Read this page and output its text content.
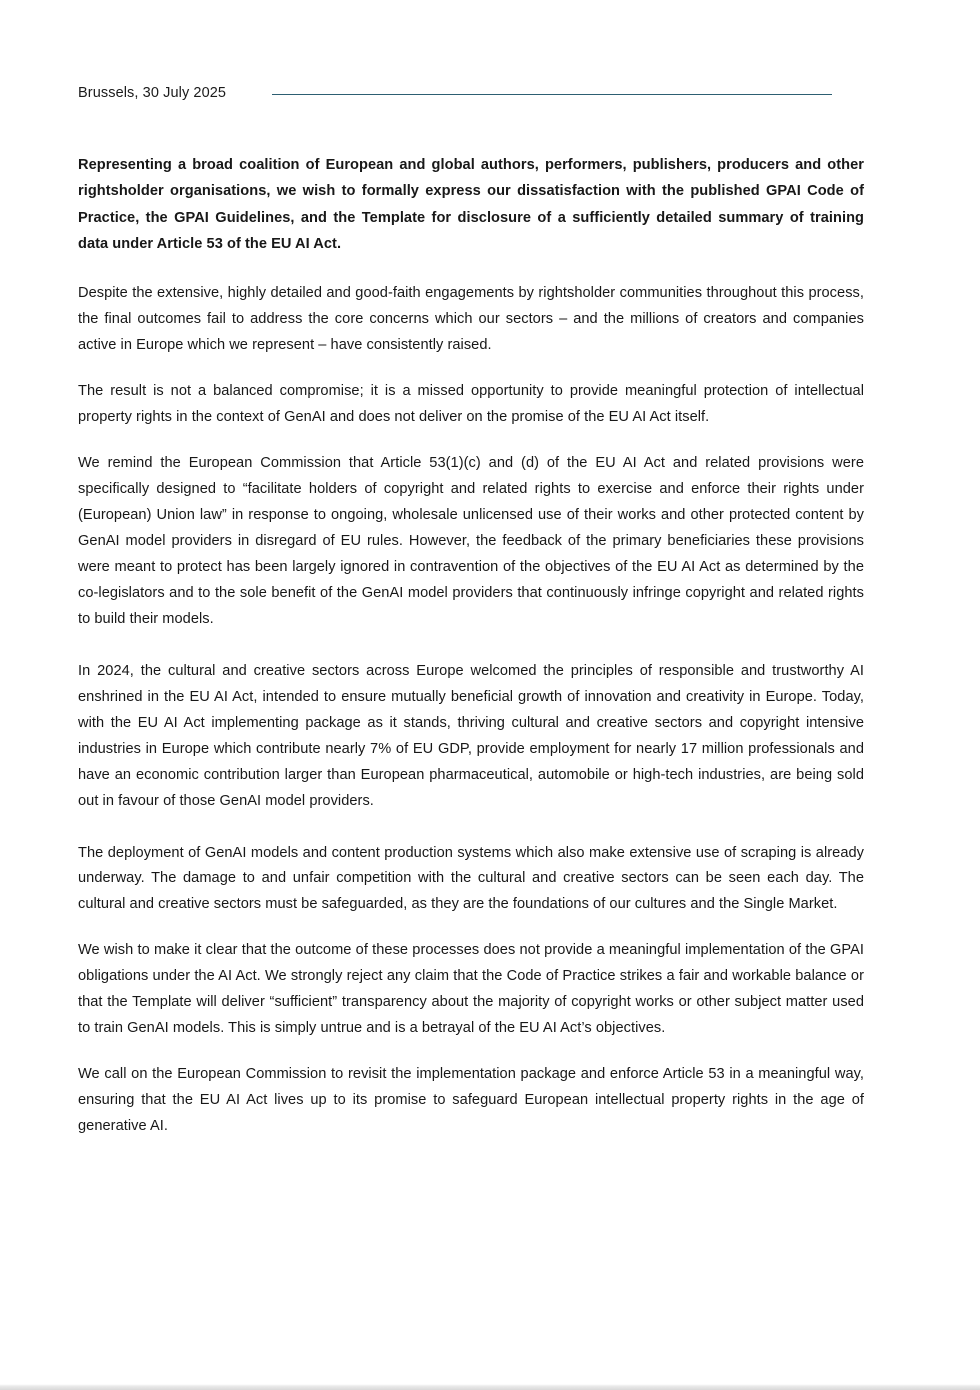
Brussels, 30 July 2025

Representing a broad coalition of European and global authors, performers, publishers, producers and other rightsholder organisations, we wish to formally express our dissatisfaction with the published GPAI Code of Practice, the GPAI Guidelines, and the Template for disclosure of a sufficiently detailed summary of training data under Article 53 of the EU AI Act.

Despite the extensive, highly detailed and good-faith engagements by rightsholder communities throughout this process, the final outcomes fail to address the core concerns which our sectors – and the millions of creators and companies active in Europe which we represent – have consistently raised.

The result is not a balanced compromise; it is a missed opportunity to provide meaningful protection of intellectual property rights in the context of GenAI and does not deliver on the promise of the EU AI Act itself.

We remind the European Commission that Article 53(1)(c) and (d) of the EU AI Act and related provisions were specifically designed to “facilitate holders of copyright and related rights to exercise and enforce their rights under (European) Union law” in response to ongoing, wholesale unlicensed use of their works and other protected content by GenAI model providers in disregard of EU rules. However, the feedback of the primary beneficiaries these provisions were meant to protect has been largely ignored in contravention of the objectives of the EU AI Act as determined by the co-legislators and to the sole benefit of the GenAI model providers that continuously infringe copyright and related rights to build their models.

In 2024, the cultural and creative sectors across Europe welcomed the principles of responsible and trustworthy AI enshrined in the EU AI Act, intended to ensure mutually beneficial growth of innovation and creativity in Europe. Today, with the EU AI Act implementing package as it stands, thriving cultural and creative sectors and copyright intensive industries in Europe which contribute nearly 7% of EU GDP, provide employment for nearly 17 million professionals and have an economic contribution larger than European pharmaceutical, automobile or high-tech industries, are being sold out in favour of those GenAI model providers.

The deployment of GenAI models and content production systems which also make extensive use of scraping is already underway. The damage to and unfair competition with the cultural and creative sectors can be seen each day. The cultural and creative sectors must be safeguarded, as they are the foundations of our cultures and the Single Market.

We wish to make it clear that the outcome of these processes does not provide a meaningful implementation of the GPAI obligations under the AI Act. We strongly reject any claim that the Code of Practice strikes a fair and workable balance or that the Template will deliver “sufficient” transparency about the majority of copyright works or other subject matter used to train GenAI models. This is simply untrue and is a betrayal of the EU AI Act’s objectives.

We call on the European Commission to revisit the implementation package and enforce Article 53 in a meaningful way, ensuring that the EU AI Act lives up to its promise to safeguard European intellectual property rights in the age of generative AI.
